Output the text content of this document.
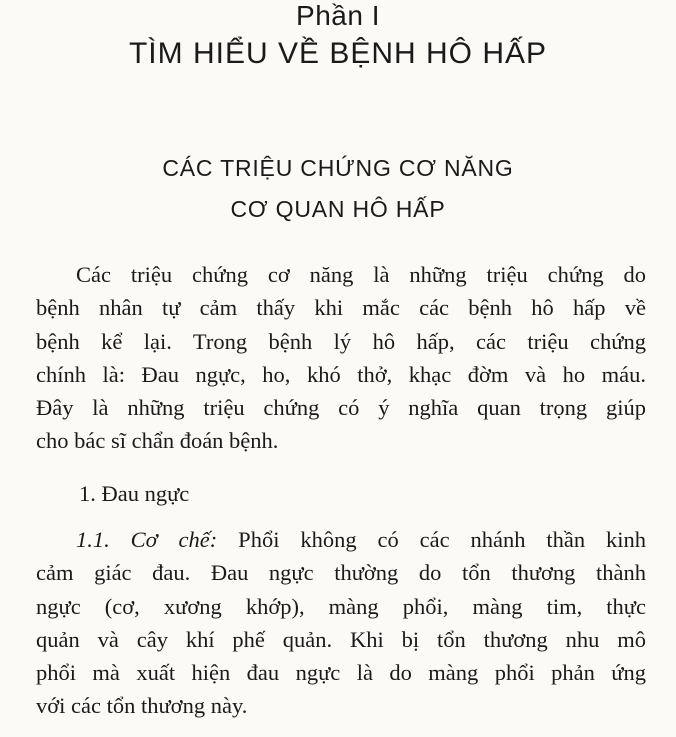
Phần I
TÌM HIỂU VỀ BỆNH HÔ HẤP
CÁC TRIỆU CHỨNG CƠ NĂNG
CƠ QUAN HÔ HẤP
Các triệu chứng cơ năng là những triệu chứng do
bệnh nhân tự cảm thấy khi mắc các bệnh hô hấp về
bệnh kể lại. Trong bệnh lý hô hấp, các triệu chứng
chính là: Đau ngực, ho, khó thở, khạc đờm và ho máu.
Đây là những triệu chứng có ý nghĩa quan trọng giúp
cho bác sĩ chẩn đoán bệnh.
1. Đau ngực
1.1. Cơ chế: Phổi không có các nhánh thần kinh
cảm giác đau. Đau ngực thường do tổn thương thành
ngực (cơ, xương khớp), màng phổi, màng tim, thực
quản và cây khí phế quản. Khi bị tổn thương nhu mô
phổi mà xuất hiện đau ngực là do màng phổi phản ứng
với các tổn thương này.
